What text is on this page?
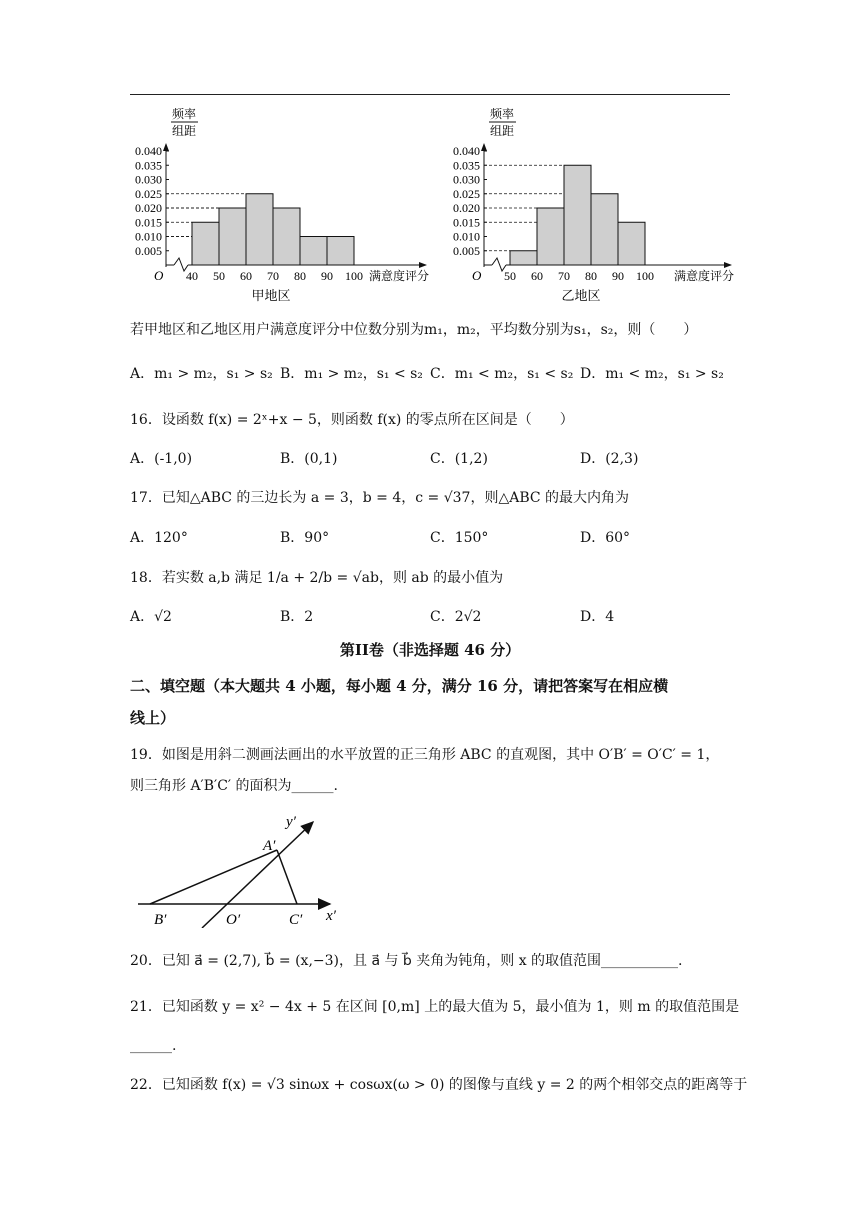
0.040
0.035
0.030
0.025
0.020
0.015
0.010
0.005
频率
组距
40 50 60 70 80 90 100
O	满意度评分
甲地区
0.040
0.035
0.030
0.025
0.020
0.015
0.010
0.005
频率
组距
50 60 70 80 90 100
O	满意度评分
乙地区
若甲地区和乙地区用户满意度评分中位数分别为m₁，m₂，平均数分别为s₁，s₂，则（　　）
A．m₁ > m₂，s₁ > s₂ B．m₁ > m₂，s₁ < s₂ C．m₁ < m₂，s₁ < s₂ D．m₁ < m₂，s₁ > s₂
16．设函数 f(x) = 2ˣ+x − 5，则函数 f(x) 的零点所在区间是（　　）
A．(-1,0)	B．(0,1)	C．(1,2)	D．(2,3)
17．已知△ABC 的三边长为 a = 3，b = 4，c = √37，则△ABC 的最大内角为
A．120°	B．90°	C．150°	D．60°
18．若实数 a,b 满足 1/a + 2/b = √ab，则 ab 的最小值为
A．√2	B．2	C．2√2	D．4
第II卷（非选择题 46 分）
二、填空题（本大题共 4 小题，每小题 4 分，满分 16 分，请把答案写在相应横
线上）
19．如图是用斜二测画法画出的水平放置的正三角形 ABC 的直观图，其中 O′B′ = O′C′ = 1，
则三角形 A′B′C′ 的面积为______.
A′
B′	O′	C′ x′
y′
20．已知 a⃗ = (2,7), b⃗ = (x,−3)，且 a⃗ 与 b⃗ 夹角为钝角，则 x 的取值范围___________.
21．已知函数 y = x² − 4x + 5 在区间 [0,m] 上的最大值为 5，最小值为 1，则 m 的取值范围是
______.
22．已知函数 f(x) = √3 sinωx + cosωx(ω > 0) 的图像与直线 y = 2 的两个相邻交点的距离等于
